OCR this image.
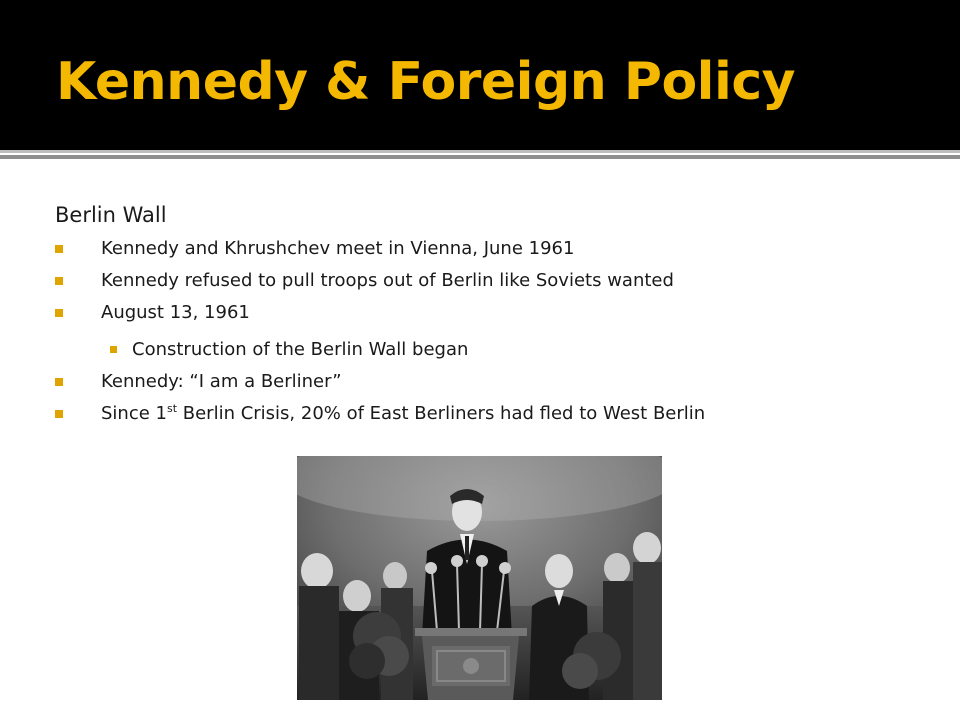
Kennedy & Foreign Policy
Berlin Wall
Kennedy and Khrushchev meet in Vienna, June 1961
Kennedy refused to pull troops out of Berlin like Soviets wanted
August 13, 1961
Construction of the Berlin Wall began
Kennedy: “I am a Berliner”
Since 1st Berlin Crisis, 20% of East Berliners had fled to West Berlin
